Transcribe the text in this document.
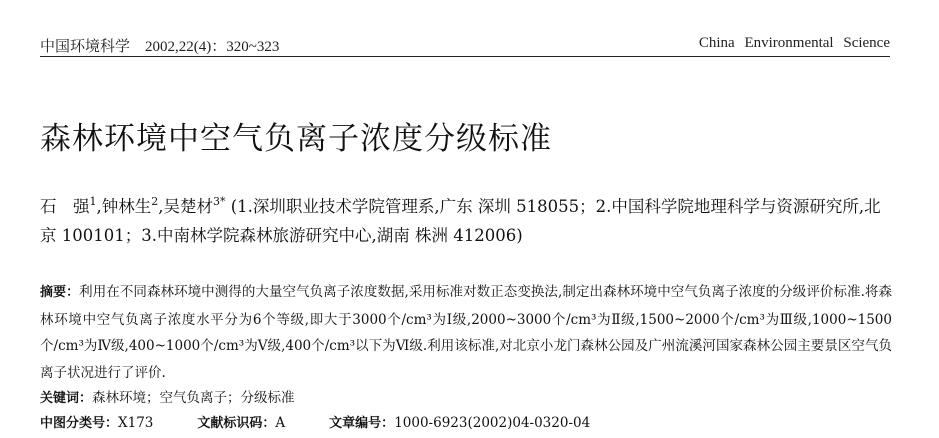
中国环境科学 2002,22(4)：320~323	China Environmental Science
森林环境中空气负离子浓度分级标准
石　强$^1$,钟林生$^2$,吴楚材$^{3*}$ (1.深圳职业技术学院管理系,广东 深圳 518055；2.中国科学院地理科学与资源研究所,北京 100101；3.中南林学院森林旅游研究中心,湖南 株洲 412006)
摘要：利用在不同森林环境中测得的大量空气负离子浓度数据,采用标准对数正态变换法,制定出森林环境中空气负离子浓度的分级评价标准.将森林环境中空气负离子浓度水平分为6个等级,即大于3000个/cm³为Ⅰ级,2000~3000个/cm³为Ⅱ级,1500~2000个/cm³为Ⅲ级,1000~1500个/cm³为Ⅳ级,400~1000个/cm³为Ⅴ级,400个/cm³以下为Ⅵ级.利用该标准,对北京小龙门森林公园及广州流溪河国家森林公园主要景区空气负离子状况进行了评价.
关键词：森林环境；空气负离子；分级标准
中图分类号：X173	文献标识码：A	文章编号：1000-6923(2002)04-0320-04
